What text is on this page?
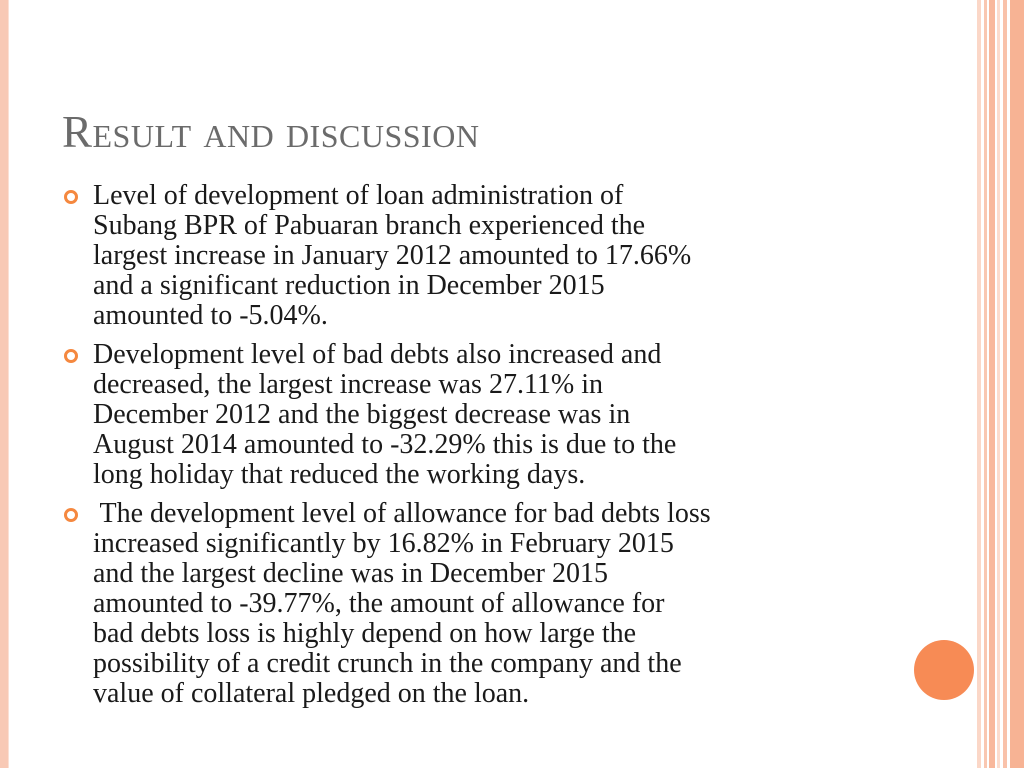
Result and discussion
Level of development of loan administration of
Subang BPR of Pabuaran branch experienced the
largest increase in January 2012 amounted to 17.66%
and a significant reduction in December 2015
amounted to -5.04%.
Development level of bad debts also increased and
decreased, the largest increase was 27.11% in
December 2012 and the biggest decrease was in
August 2014 amounted to -32.29% this is due to the
long holiday that reduced the working days.
The development level of allowance for bad debts loss
increased significantly by 16.82% in February 2015
and the largest decline was in December 2015
amounted to -39.77%, the amount of allowance for
bad debts loss is highly depend on how large the
possibility of a credit crunch in the company and the
value of collateral pledged on the loan.
